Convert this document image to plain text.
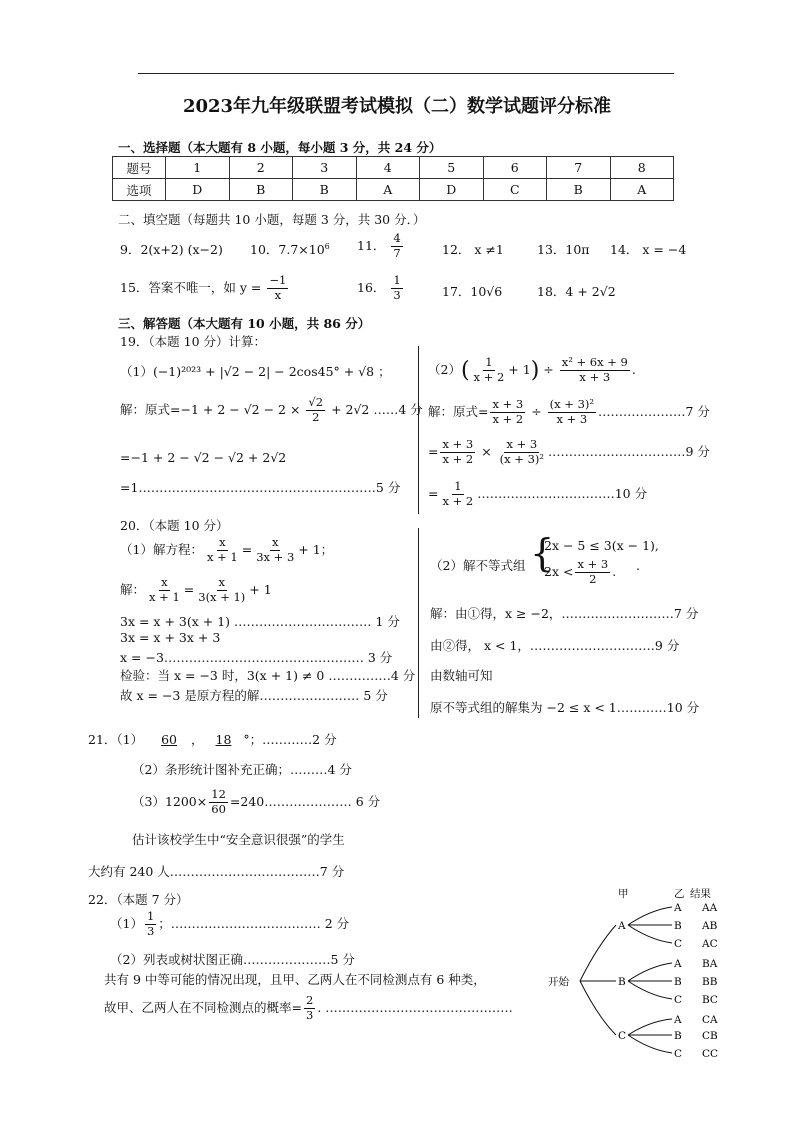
2023年九年级联盟考试模拟（二）数学试题评分标准
一、选择题（本大题有 8 小题，每小题 3 分，共 24 分）
题号	1	2	3	4	5	6	7	8
选项	D	B	B	A	D	C	B	A
二、填空题（每题共 10 小题，每题 3 分，共 30 分．）
9．2(x+2) (x−2) 10．$7.7\times 10^6$ 11． $\frac{4}{7}$	12． x ≠1	13．10π 14． x = −4
15．答案不唯一，如 $y = \frac{-1}{x}$	16． $\frac{1}{3}$	17．10√6	18．4 + 2√2
三、解答题（本大题有 10 小题，共 86 分）
19．（本题 10 分）计算：
（1）(−1)²⁰²³ + |√2 − 2| − 2cos45° + √8 ；
解：原式$=-1 + 2 - √2 - 2 \times \frac{√2}{2} + 2√2$ ……4 分
=−1 + 2 − √2 − √2 + 2√2
=1…………………………………………………5 分
$(2)( \frac{1}{x + 2} + 1) \div \frac{\text{x² + 6x + 9}}{x + 3}$ .
解：原式= $\frac{x + 3}{x + 2} \div \frac{\text{(x + 3)²}}{x + 3}$ …………………7 分
= $\frac{x + 3}{x + 2} \times \frac{x + 3}{\text{(x + 3)²}}$ ……………………………9 分
= $\frac{1}{x + 2}$ ……………………………10 分
20．（本题 10 分）
（1）解方程： $\frac{x}{x + 1} = \frac{x}{3x + 3} + 1$；
解： $\frac{x}{x + 1} = \frac{x}{3(x + 1)} + 1$
3x = x + 3(x + 1) …………………………… 1 分
3x = x + 3x + 3
x = −3………………………………………… 3 分
检验：当 x = −3 时，3(x + 1) ≠ 0 ……………4 分
故 x = −3 是原方程的解…………………… 5 分
（2）解不等式组 {
2x − 5 ≤ 3(x − 1),
$2x < \frac{x + 3}{2}$ . .
解：由①得，x ≥ −2，………………………7 分
由②得， x < 1，…………………………9 分
由数轴可知
原不等式组的解集为 −2 ≤ x < 1…………10 分
21．（1） 60 ， 18 °；…………2 分
（2）条形统计图补充正确；………4 分
$(3)1200\times \frac{12}{60}$ =240………………… 6 分
估计该校学生中“安全意识很强”的学生
大约有 240 人………………………………7 分
22．（本题 7 分）
$(1) \frac{1}{3}$ ；……………………………… 2 分
（2）列表或树状图正确…………………5 分
共有 9 中等可能的情况出现，且甲、乙两人在不同检测点有 6 种类，
故甲、乙两人在不同检测点的概率= $\frac{2}{3}$ . ………………………………………
甲	乙 结果
开始
A
B
C
A
B
C
A
B
C
A
B
C
AA
AB
AC
BA
BB
BC
CA
CB
CC
